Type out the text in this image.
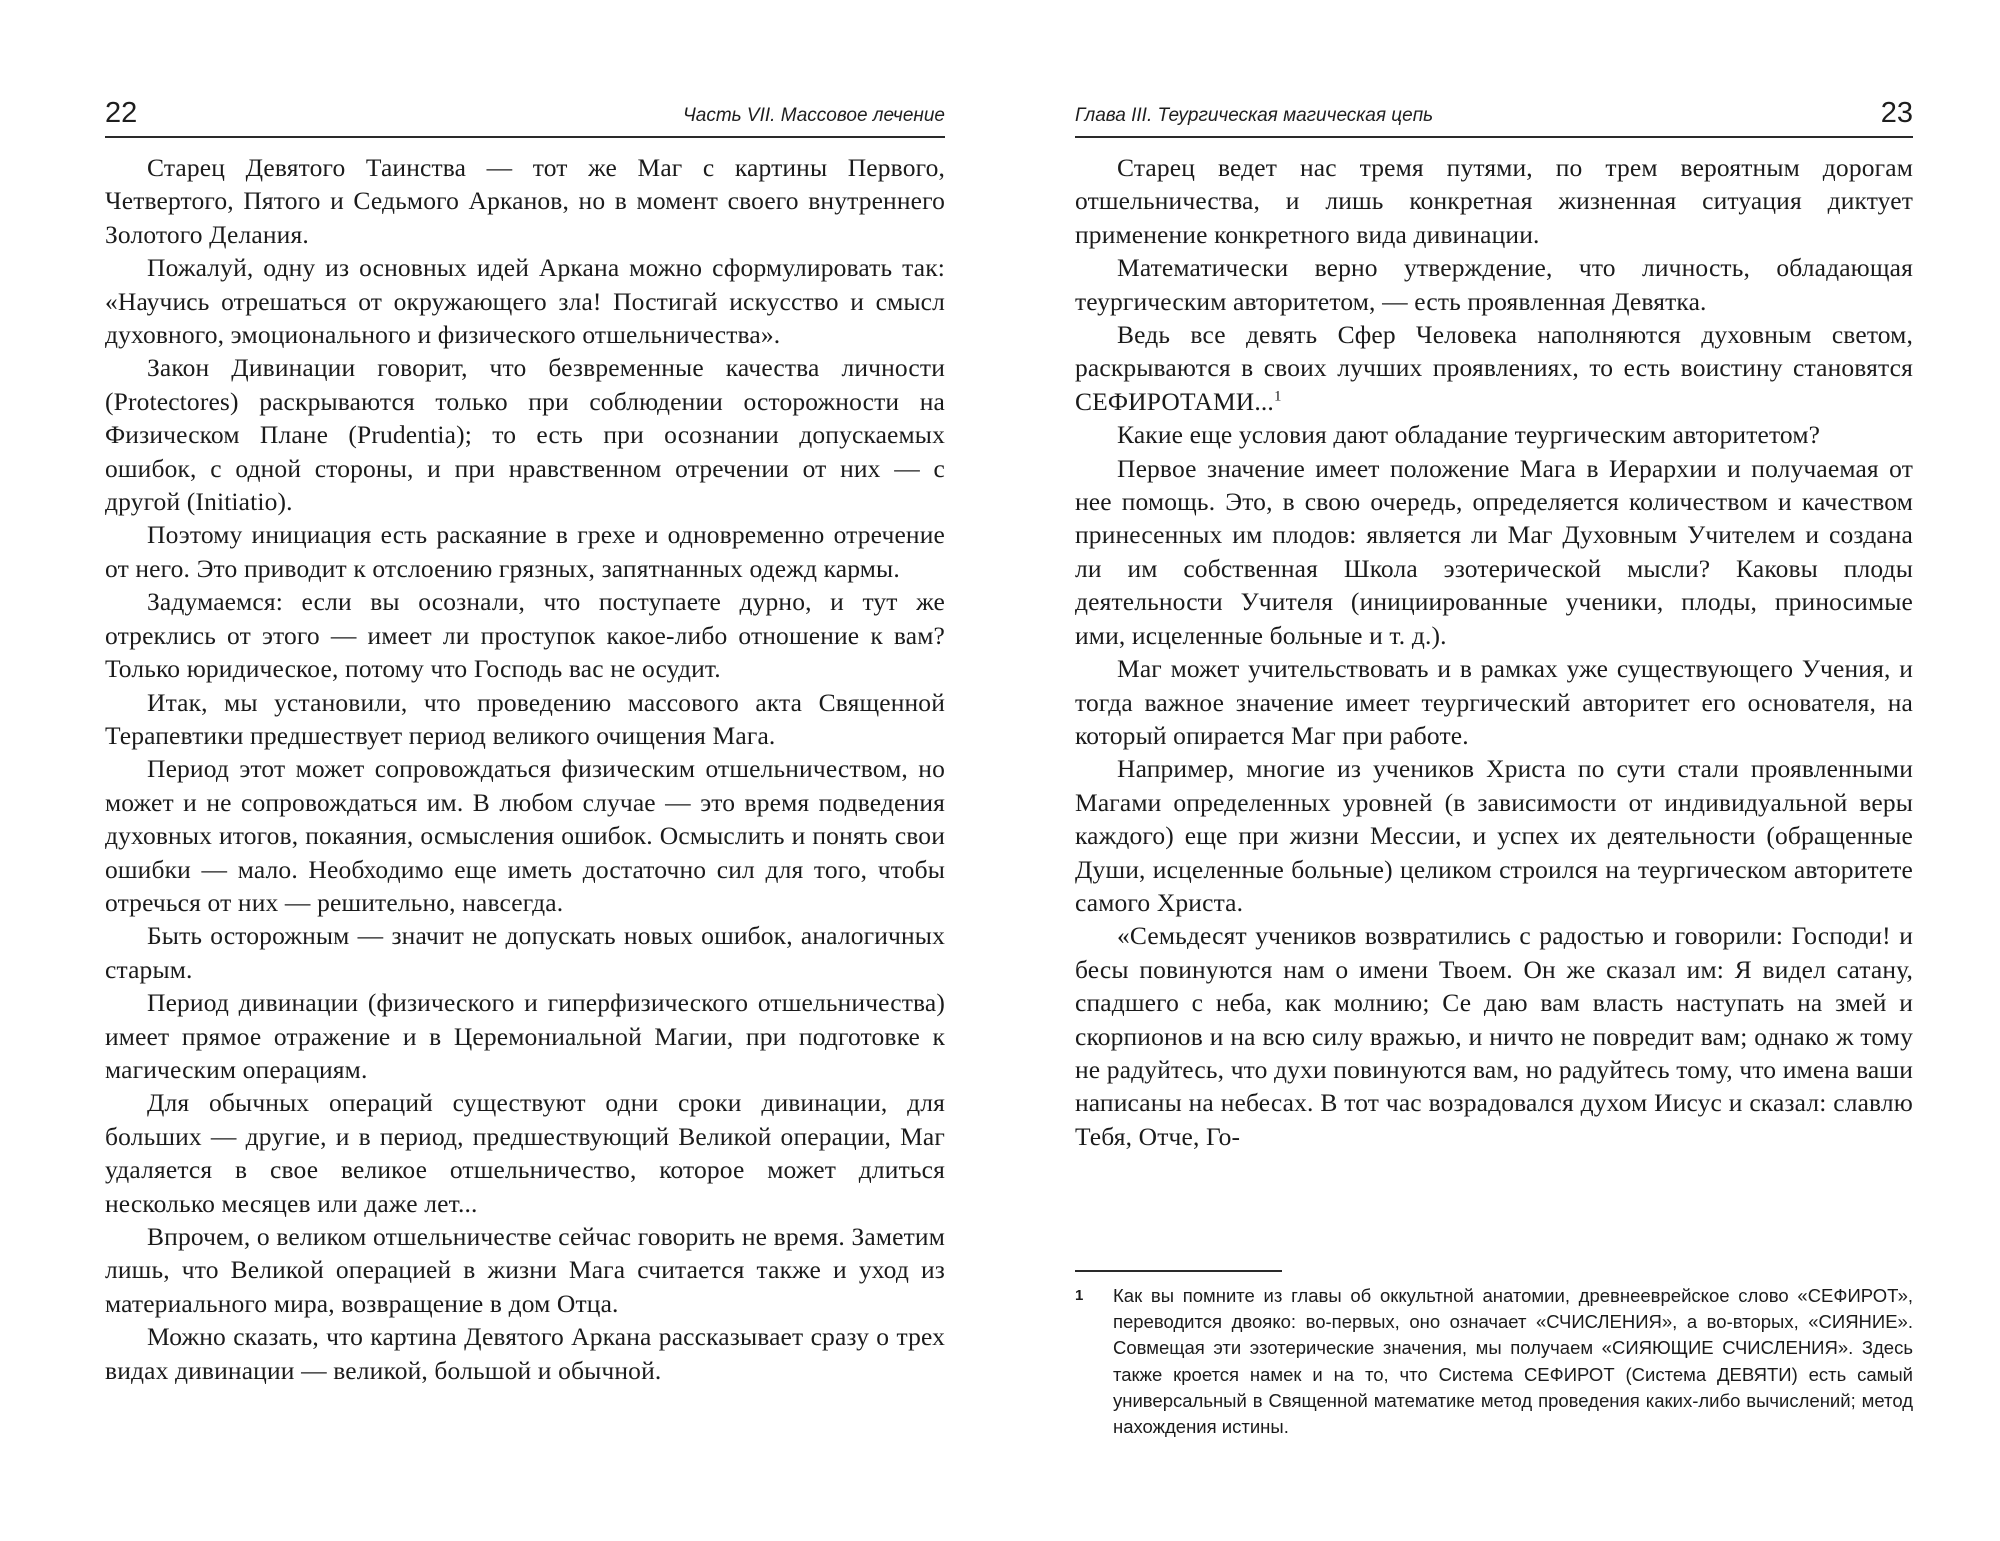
22	Часть VII. Массовое лечение

Старец Девятого Таинства — тот же Маг с картины Первого, Четвертого, Пятого и Седьмого Арканов, но в момент своего внутреннего Золотого Делания.

Пожалуй, одну из основных идей Аркана можно сформулировать так: «Научись отрешаться от окружающего зла! Постигай искусство и смысл духовного, эмоционального и физического отшельничества».

Закон Дивинации говорит, что безвременные качества личности (Protectores) раскрываются только при соблюдении осторожности на Физическом Плане (Prudentia); то есть при осознании допускаемых ошибок, с одной стороны, и при нравственном отречении от них — с другой (Initiatio).

Поэтому инициация есть раскаяние в грехе и одновременно отречение от него. Это приводит к отслоению грязных, запятнанных одежд кармы.

Задумаемся: если вы осознали, что поступаете дурно, и тут же отреклись от этого — имеет ли проступок какое-либо отношение к вам? Только юридическое, потому что Господь вас не осудит.

Итак, мы установили, что проведению массового акта Священной Терапевтики предшествует период великого очищения Мага.

Период этот может сопровождаться физическим отшельничеством, но может и не сопровождаться им. В любом случае — это время подведения духовных итогов, покаяния, осмысления ошибок. Осмыслить и понять свои ошибки — мало. Необходимо еще иметь достаточно сил для того, чтобы отречься от них — решительно, навсегда.

Быть осторожным — значит не допускать новых ошибок, аналогичных старым.

Период дивинации (физического и гиперфизического отшельничества) имеет прямое отражение и в Церемониальной Магии, при подготовке к магическим операциям.

Для обычных операций существуют одни сроки дивинации, для больших — другие, и в период, предшествующий Великой операции, Маг удаляется в свое великое отшельничество, которое может длиться несколько месяцев или даже лет...

Впрочем, о великом отшельничестве сейчас говорить не время. Заметим лишь, что Великой операцией в жизни Мага считается также и уход из материального мира, возвращение в дом Отца.

Можно сказать, что картина Девятого Аркана рассказывает сразу о трех видах дивинации — великой, большой и обычной.

Глава III. Теургическая магическая цепь	23

Старец ведет нас тремя путями, по трем вероятным дорогам отшельничества, и лишь конкретная жизненная ситуация диктует применение конкретного вида дивинации.

Математически верно утверждение, что личность, обладающая теургическим авторитетом, — есть проявленная Девятка.

Ведь все девять Сфер Человека наполняются духовным светом, раскрываются в своих лучших проявлениях, то есть воистину становятся СЕФИРОТАМИ...$^1$

Какие еще условия дают обладание теургическим авторитетом?

Первое значение имеет положение Мага в Иерархии и получаемая от нее помощь. Это, в свою очередь, определяется количеством и качеством принесенных им плодов: является ли Маг Духовным Учителем и создана ли им собственная Школа эзотерической мысли? Каковы плоды деятельности Учителя (инициированные ученики, плоды, приносимые ими, исцеленные больные и т. д.).

Маг может учительствовать и в рамках уже существующего Учения, и тогда важное значение имеет теургический авторитет его основателя, на который опирается Маг при работе.

Например, многие из учеников Христа по сути стали проявленными Магами определенных уровней (в зависимости от индивидуальной веры каждого) еще при жизни Мессии, и успех их деятельности (обращенные Души, исцеленные больные) целиком строился на теургическом авторитете самого Христа.

«Семьдесят учеников возвратились с радостью и говорили: Господи! и бесы повинуются нам о имени Твоем. Он же сказал им: Я видел сатану, спадшего с неба, как молнию; Се даю вам власть наступать на змей и скорпионов и на всю силу вражью, и ничто не повредит вам; однако ж тому не радуйтесь, что духи повинуются вам, но радуйтесь тому, что имена ваши написаны на небесах. В тот час возрадовался духом Иисус и сказал: славлю Тебя, Отче, Го-

1 Как вы помните из главы об оккультной анатомии, древнееврейское слово «СЕФИРОТ», переводится двояко: во-первых, оно означает «СЧИСЛЕНИЯ», а во-вторых, «СИЯНИЕ». Совмещая эти эзотерические значения, мы получаем «СИЯЮЩИЕ СЧИСЛЕНИЯ». Здесь также кроется намек и на то, что Система СЕФИРОТ (Система ДЕВЯТИ) есть самый универсальный в Священной математике метод проведения каких-либо вычислений; метод нахождения истины.
